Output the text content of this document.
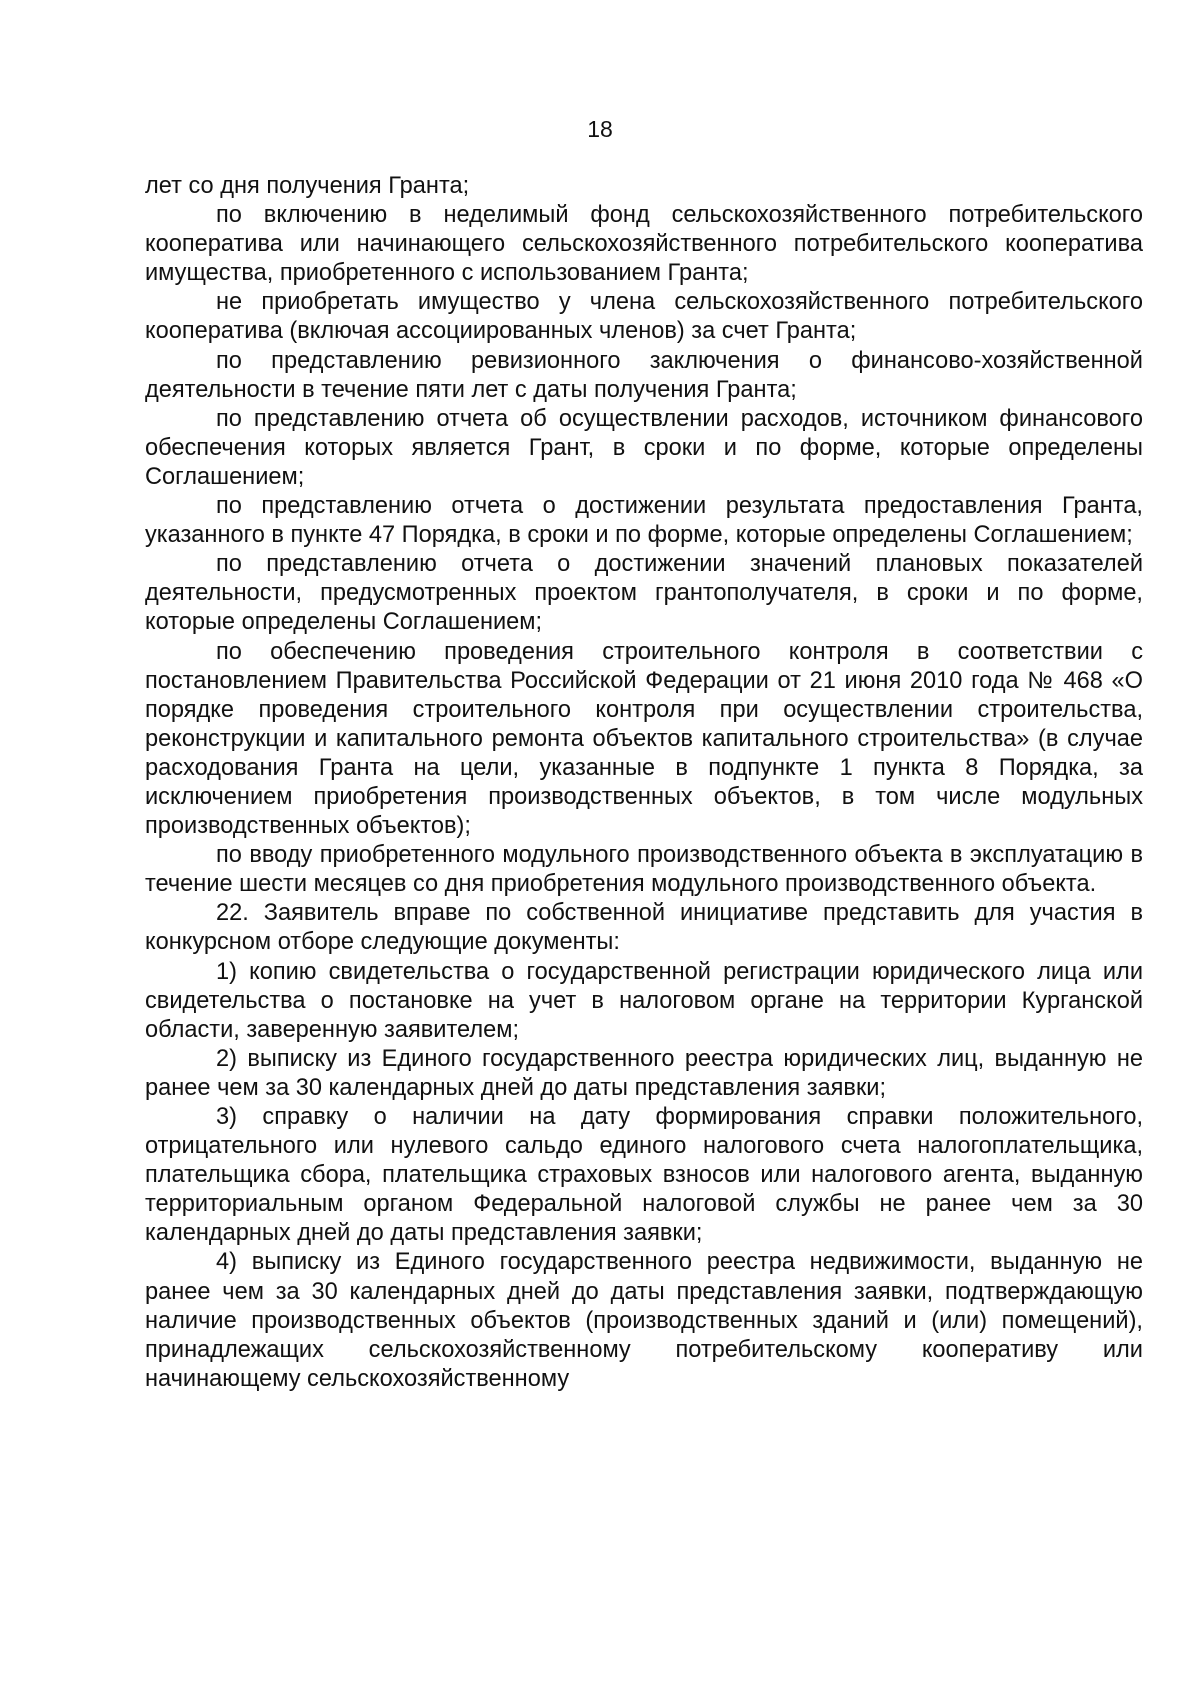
18

лет со дня получения Гранта;

по включению в неделимый фонд сельскохозяйственного потребительского кооператива или начинающего сельскохозяйственного потребительского кооператива имущества, приобретенного с использованием Гранта;

не приобретать имущество у члена сельскохозяйственного потребительского кооператива (включая ассоциированных членов) за счет Гранта;

по представлению ревизионного заключения о финансово-хозяйственной деятельности в течение пяти лет с даты получения Гранта;

по представлению отчета об осуществлении расходов, источником финансового обеспечения которых является Грант, в сроки и по форме, которые определены Соглашением;

по представлению отчета о достижении результата предоставления Гранта, указанного в пункте 47 Порядка, в сроки и по форме, которые определены Соглашением;

по представлению отчета о достижении значений плановых показателей деятельности, предусмотренных проектом грантополучателя, в сроки и по форме, которые определены Соглашением;

по обеспечению проведения строительного контроля в соответствии с постановлением Правительства Российской Федерации от 21 июня 2010 года № 468 «О порядке проведения строительного контроля при осуществлении строительства, реконструкции и капитального ремонта объектов капитального строительства» (в случае расходования Гранта на цели, указанные в подпункте 1 пункта 8 Порядка, за исключением приобретения производственных объектов, в том числе модульных производственных объектов);

по вводу приобретенного модульного производственного объекта в эксплуатацию в течение шести месяцев со дня приобретения модульного производственного объекта.

22. Заявитель вправе по собственной инициативе представить для участия в конкурсном отборе следующие документы:

1) копию свидетельства о государственной регистрации юридического лица или свидетельства о постановке на учет в налоговом органе на территории Курганской области, заверенную заявителем;

2) выписку из Единого государственного реестра юридических лиц, выданную не ранее чем за 30 календарных дней до даты представления заявки;

3) справку о наличии на дату формирования справки положительного, отрицательного или нулевого сальдо единого налогового счета налогоплательщика, плательщика сбора, плательщика страховых взносов или налогового агента, выданную территориальным органом Федеральной налоговой службы не ранее чем за 30 календарных дней до даты представления заявки;

4) выписку из Единого государственного реестра недвижимости, выданную не ранее чем за 30 календарных дней до даты представления заявки, подтверждающую наличие производственных объектов (производственных зданий и (или) помещений), принадлежащих сельскохозяйственному потребительскому кооперативу или начинающему сельскохозяйственному
